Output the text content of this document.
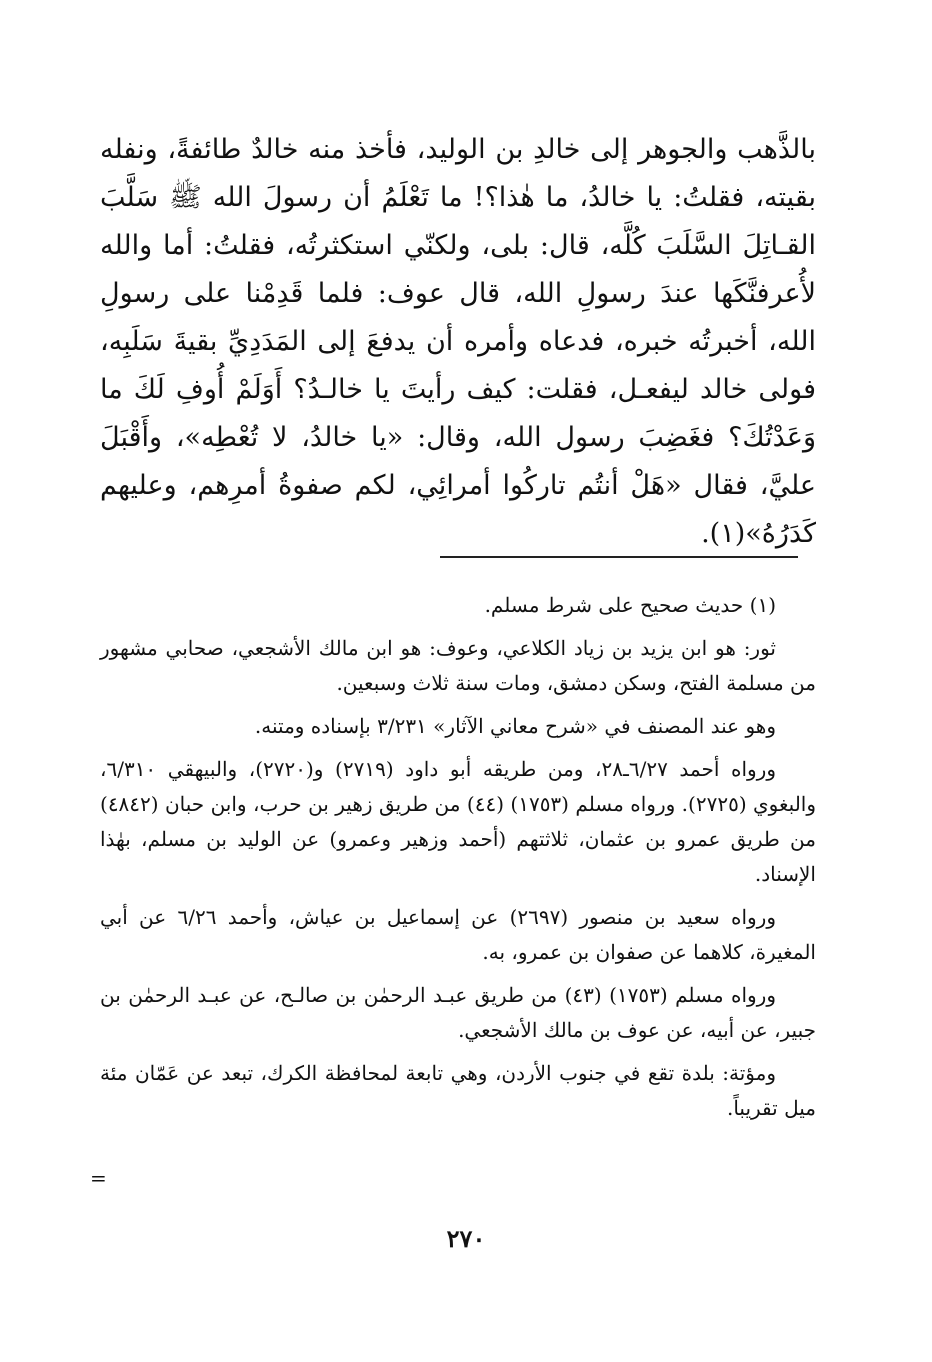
بالذَّهب والجوهر إلى خالدِ بن الوليد، فأخذ منه خالدٌ طائفةً، ونفله بقيته، فقلتُ: يا خالدُ، ما هٰذا؟! ما تَعْلَمُ أن رسولَ الله ﷺ سَلَّبَ القـاتِلَ السَّلَبَ كُلَّه، قال: بلى، ولكنّي استكثرتُه، فقلتُ: أما والله لأُعرفنَّكَها عندَ رسولِ الله، قال عوف: فلما قَدِمْنا على رسولِ الله، أخبرتُه خبره، فدعاه وأمره أن يدفعَ إلى المَدَدِيِّ بقيةَ سَلَبِه، فولى خالد ليفعـل، فقلت: كيف رأيتَ يا خالـدُ؟ أَوَلَمْ أُوفِ لَكَ ما وَعَدْتُكَ؟ فغَضِبَ رسول الله، وقال: «يا خالدُ، لا تُعْطِه»، وأَقْبَلَ عليَّ، فقال «هَلْ أنتُم تاركُوا أمرائِي، لكم صفوةُ أمرِهم، وعليهم كَدَرُهُ»(١).

(١) حديث صحيح على شرط مسلم.

ثور: هو ابن يزيد بن زياد الكلاعي، وعوف: هو ابن مالك الأشجعي، صحابي مشهور من مسلمة الفتح، وسكن دمشق، ومات سنة ثلاث وسبعين.

وهو عند المصنف في «شرح معاني الآثار» ٣/٢٣١ بإسناده ومتنه.

ورواه أحمد ٦/٢٧ـ٢٨، ومن طريقه أبو داود (٢٧١٩) و(٢٧٢٠)، والبيهقي ٦/٣١٠، والبغوي (٢٧٢٥). ورواه مسلم (١٧٥٣) (٤٤) من طريق زهير بن حرب، وابن حبان (٤٨٤٢) من طريق عمرو بن عثمان، ثلاثتهم (أحمد وزهير وعمرو) عن الوليد بن مسلم، بهٰذا الإسناد.

ورواه سعيد بن منصور (٢٦٩٧) عن إسماعيل بن عياش، وأحمد ٦/٢٦ عن أبي المغيرة، كلاهما عن صفوان بن عمرو، به.

ورواه مسلم (١٧٥٣) (٤٣) من طريق عبـد الرحمٰن بن صالـح، عن عبـد الرحمٰن بن جبير، عن أبيه، عن عوف بن مالك الأشجعي.

ومؤتة: بلدة تقع في جنوب الأردن، وهي تابعة لمحافظة الكرك، تبعد عن عَمّان مئة ميل تقريباً.

=
٢٧٠
